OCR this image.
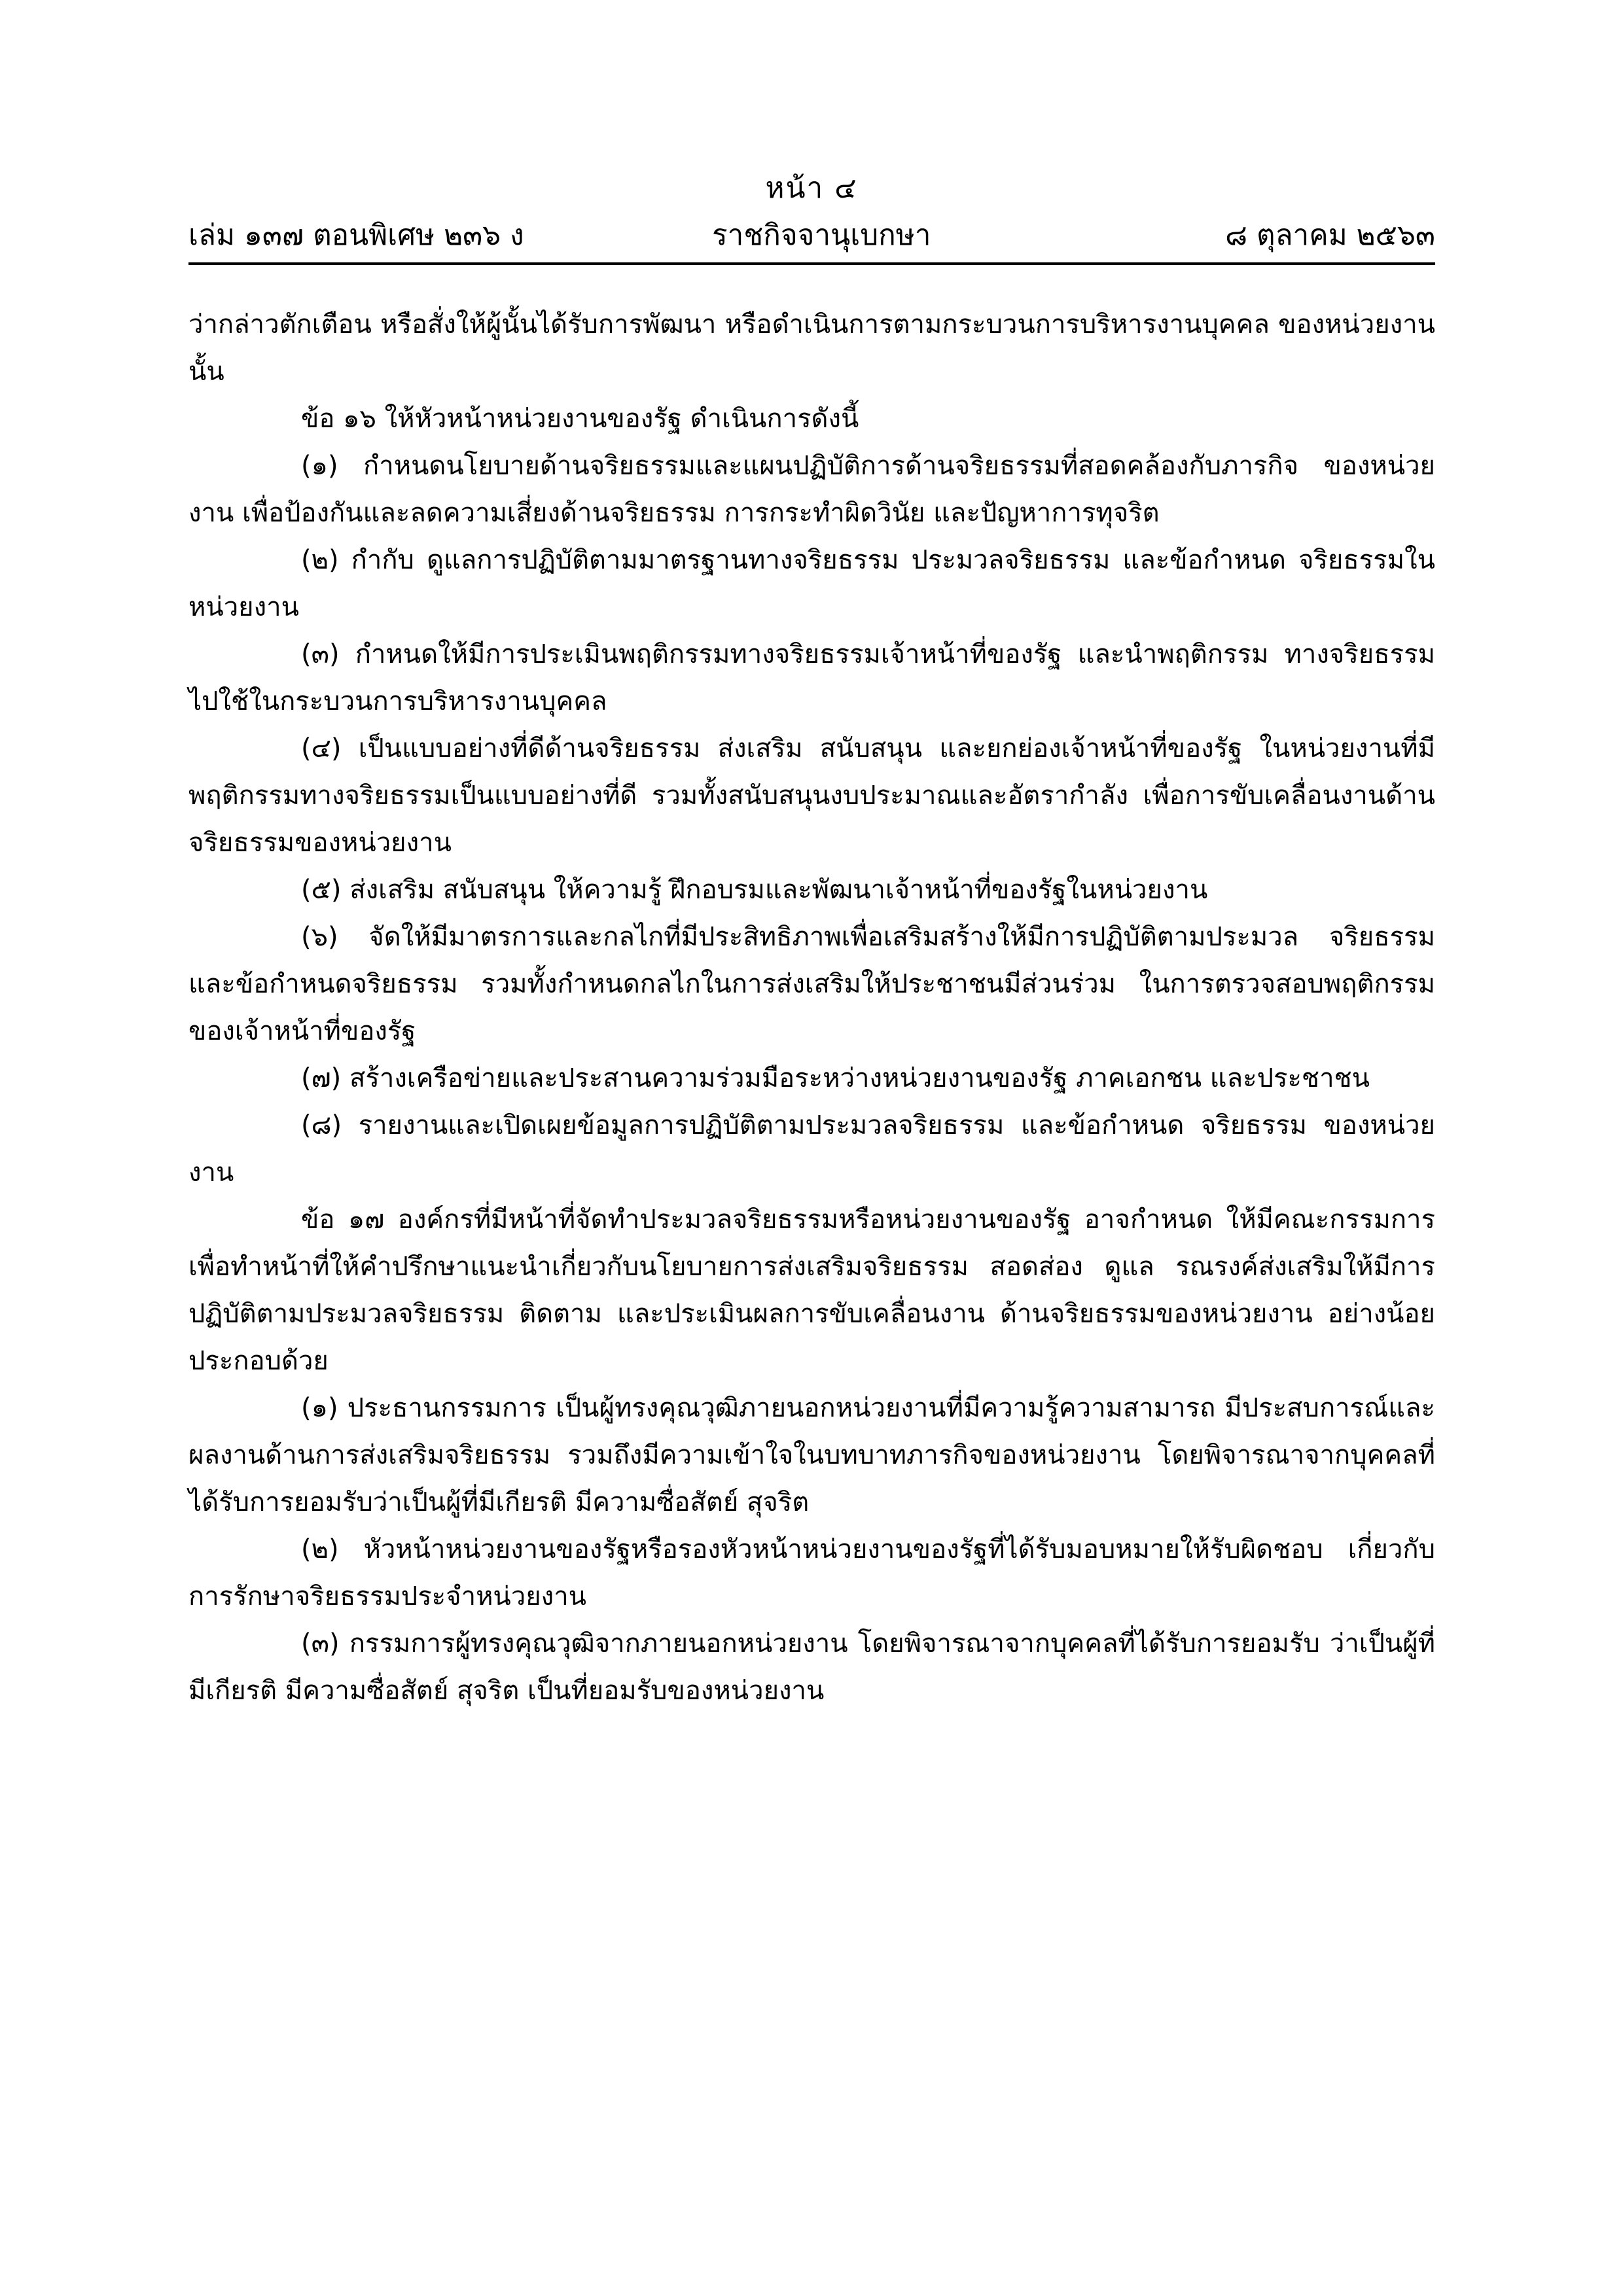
หน้า ๔
เล่ม ๑๓๗ ตอนพิเศษ ๒๓๖ ง	ราชกิจจานุเบกษา	๘ ตุลาคม ๒๕๖๓

ว่ากล่าวตักเตือน หรือสั่งให้ผู้นั้นได้รับการพัฒนา หรือดำเนินการตามกระบวนการบริหารงานบุคคล ของหน่วยงานนั้น

ข้อ ๑๖ ให้หัวหน้าหน่วยงานของรัฐ ดำเนินการดังนี้

(๑) กำหนดนโยบายด้านจริยธรรมและแผนปฏิบัติการด้านจริยธรรมที่สอดคล้องกับภารกิจ ของหน่วยงาน เพื่อป้องกันและลดความเสี่ยงด้านจริยธรรม การกระทำผิดวินัย และปัญหาการทุจริต

(๒) กำกับ ดูแลการปฏิบัติตามมาตรฐานทางจริยธรรม ประมวลจริยธรรม และข้อกำหนด จริยธรรมในหน่วยงาน

(๓) กำหนดให้มีการประเมินพฤติกรรมทางจริยธรรมเจ้าหน้าที่ของรัฐ และนำพฤติกรรม ทางจริยธรรมไปใช้ในกระบวนการบริหารงานบุคคล

(๔) เป็นแบบอย่างที่ดีด้านจริยธรรม ส่งเสริม สนับสนุน และยกย่องเจ้าหน้าที่ของรัฐ ในหน่วยงานที่มีพฤติกรรมทางจริยธรรมเป็นแบบอย่างที่ดี รวมทั้งสนับสนุนงบประมาณและอัตรากำลัง เพื่อการขับเคลื่อนงานด้านจริยธรรมของหน่วยงาน

(๕) ส่งเสริม สนับสนุน ให้ความรู้ ฝึกอบรมและพัฒนาเจ้าหน้าที่ของรัฐในหน่วยงาน

(๖) จัดให้มีมาตรการและกลไกที่มีประสิทธิภาพเพื่อเสริมสร้างให้มีการปฏิบัติตามประมวล จริยธรรมและข้อกำหนดจริยธรรม รวมทั้งกำหนดกลไกในการส่งเสริมให้ประชาชนมีส่วนร่วม ในการตรวจสอบพฤติกรรมของเจ้าหน้าที่ของรัฐ

(๗) สร้างเครือข่ายและประสานความร่วมมือระหว่างหน่วยงานของรัฐ ภาคเอกชน และประชาชน

(๘) รายงานและเปิดเผยข้อมูลการปฏิบัติตามประมวลจริยธรรม และข้อกำหนด จริยธรรม ของหน่วยงาน

ข้อ ๑๗ องค์กรที่มีหน้าที่จัดทำประมวลจริยธรรมหรือหน่วยงานของรัฐ อาจกำหนด ให้มีคณะกรรมการ เพื่อทำหน้าที่ให้คำปรึกษาแนะนำเกี่ยวกับนโยบายการส่งเสริมจริยธรรม สอดส่อง ดูแล รณรงค์ส่งเสริมให้มีการปฏิบัติตามประมวลจริยธรรม ติดตาม และประเมินผลการขับเคลื่อนงาน ด้านจริยธรรมของหน่วยงาน อย่างน้อยประกอบด้วย

(๑) ประธานกรรมการ เป็นผู้ทรงคุณวุฒิภายนอกหน่วยงานที่มีความรู้ความสามารถ มีประสบการณ์และผลงานด้านการส่งเสริมจริยธรรม รวมถึงมีความเข้าใจในบทบาทภารกิจของหน่วยงาน โดยพิจารณาจากบุคคลที่ได้รับการยอมรับว่าเป็นผู้ที่มีเกียรติ มีความซื่อสัตย์ สุจริต

(๒) หัวหน้าหน่วยงานของรัฐหรือรองหัวหน้าหน่วยงานของรัฐที่ได้รับมอบหมายให้รับผิดชอบ เกี่ยวกับการรักษาจริยธรรมประจำหน่วยงาน

(๓) กรรมการผู้ทรงคุณวุฒิจากภายนอกหน่วยงาน โดยพิจารณาจากบุคคลที่ได้รับการยอมรับ ว่าเป็นผู้ที่มีเกียรติ มีความซื่อสัตย์ สุจริต เป็นที่ยอมรับของหน่วยงาน
